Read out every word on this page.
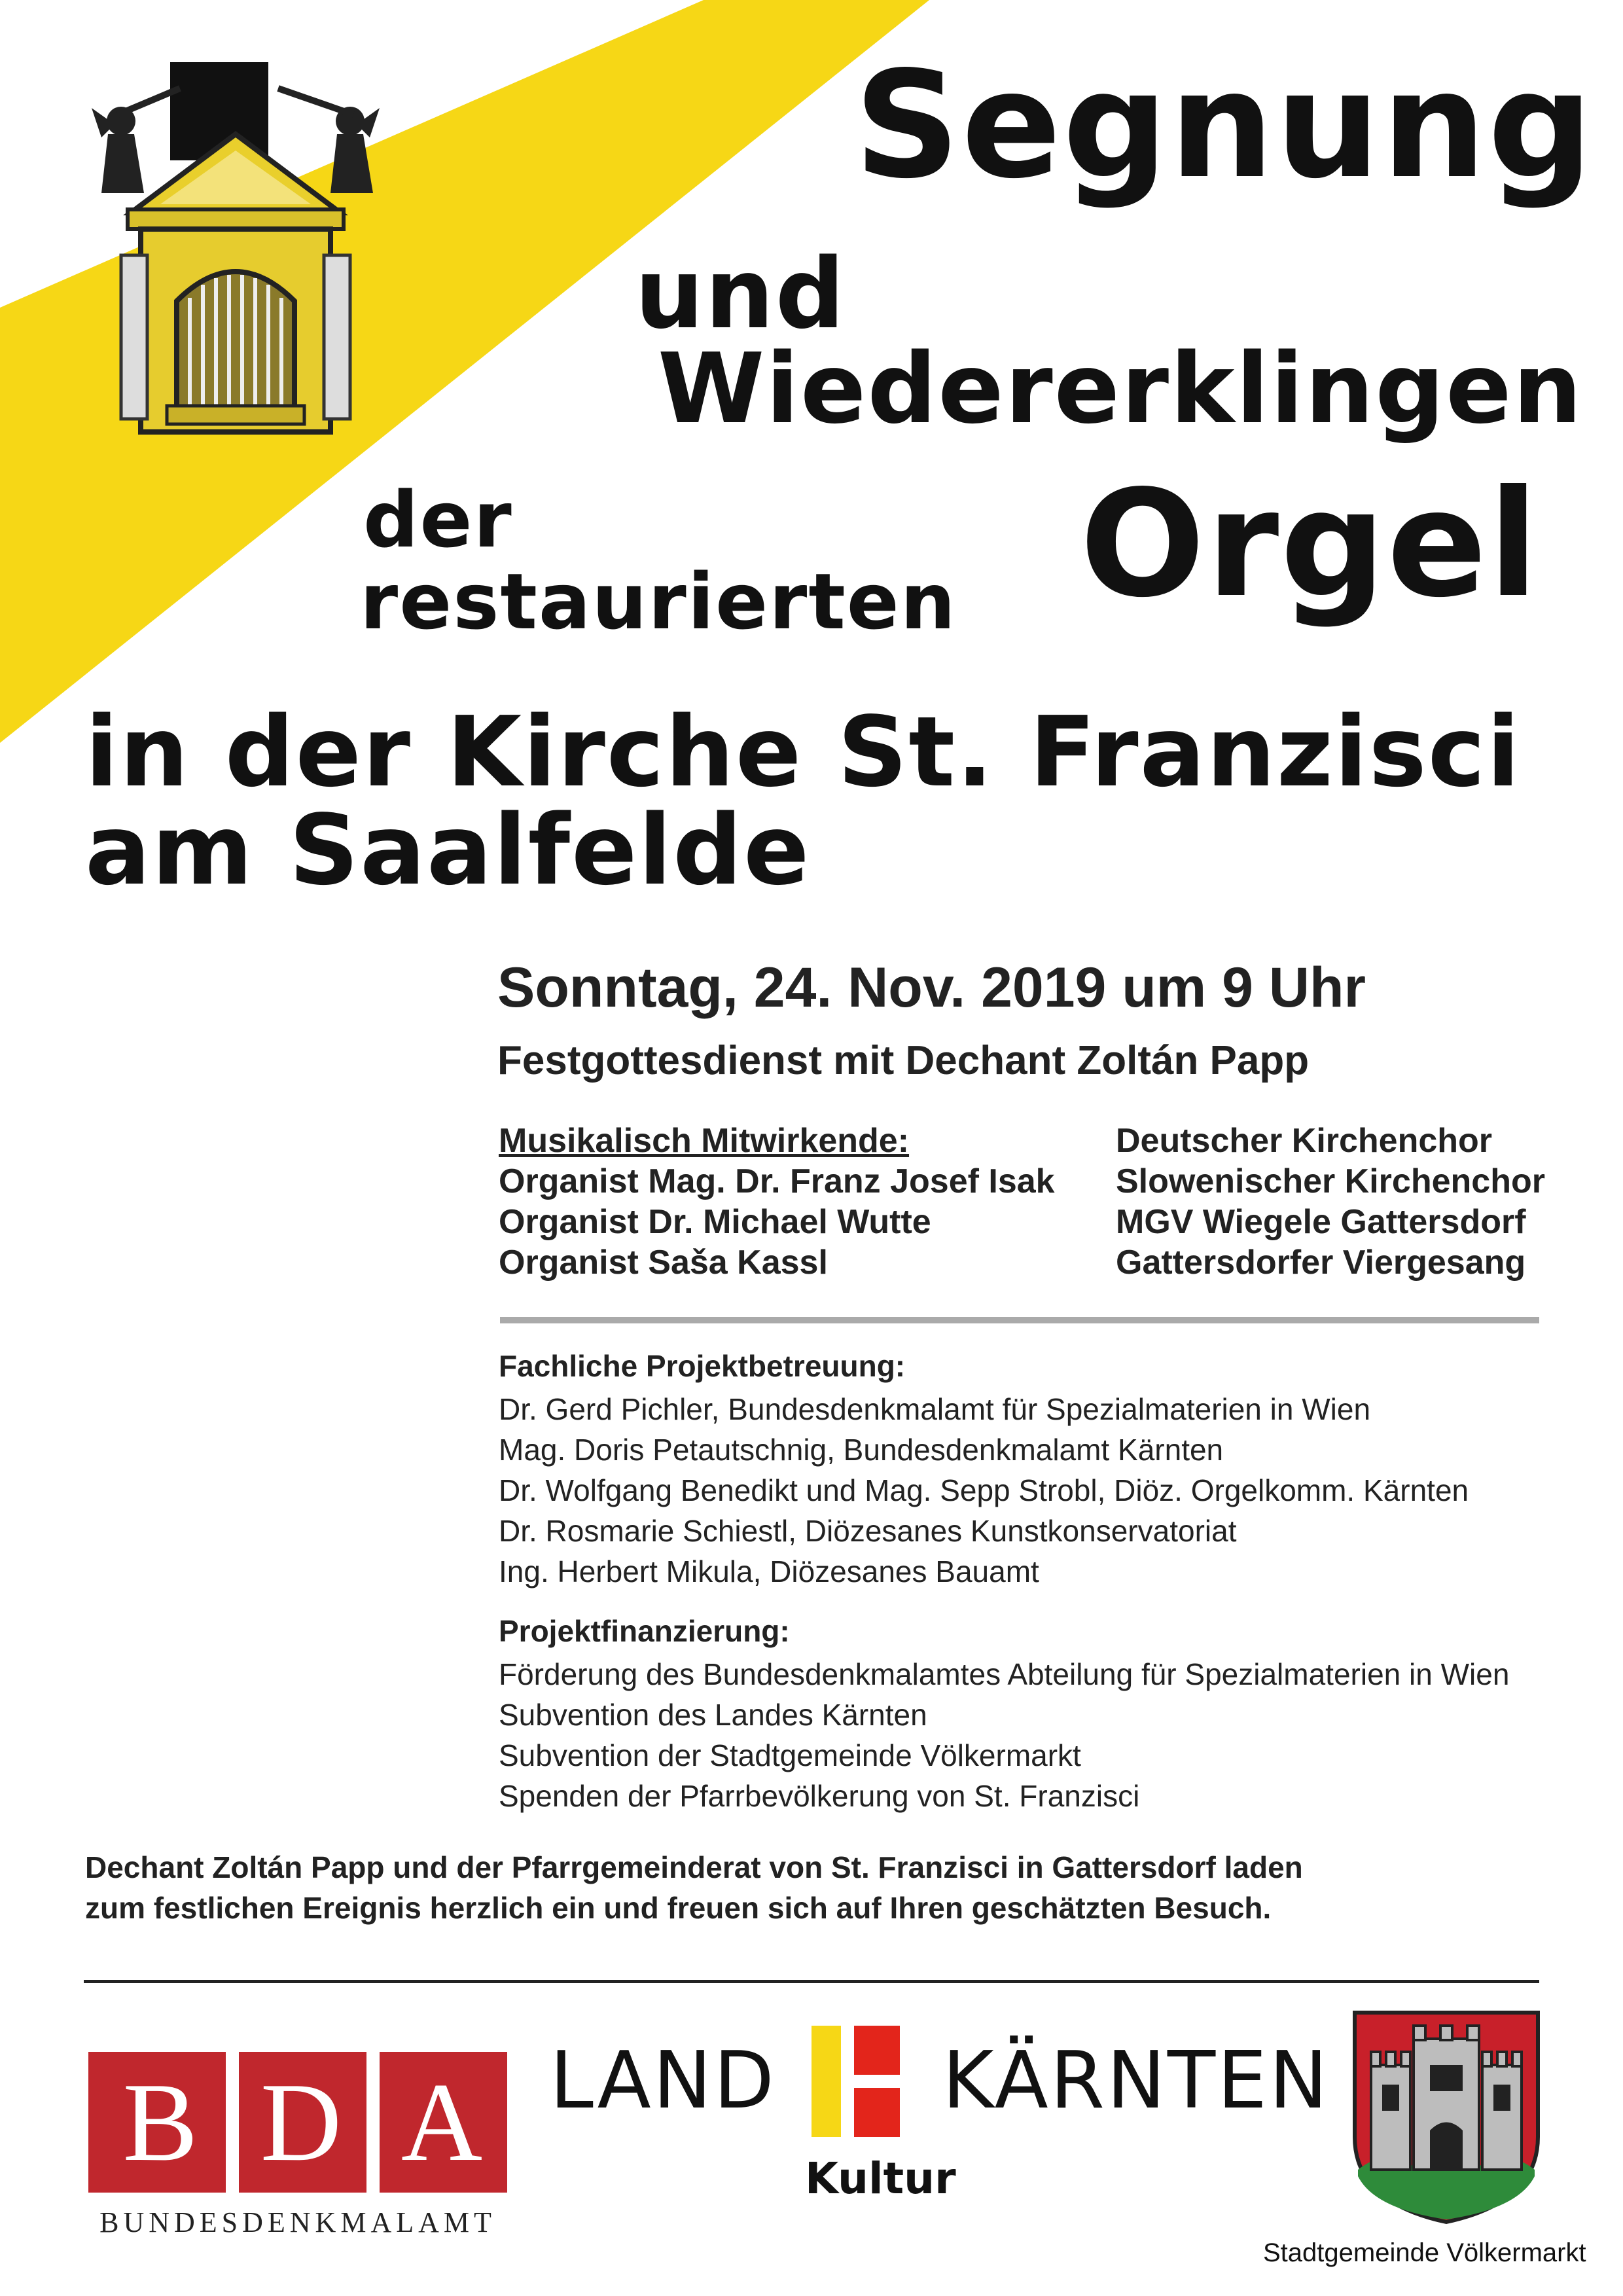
Segnung
und
Wiedererklingen
der
restaurierten Orgel
in der Kirche St. Franzisci
am Saalfelde
Sonntag, 24. Nov. 2019 um 9 Uhr
Festgottesdienst mit Dechant Zoltán Papp
Musikalisch Mitwirkende:
Organist Mag. Dr. Franz Josef Isak
Organist Dr. Michael Wutte
Organist Saša Kassl
Deutscher Kirchenchor
Slowenischer Kirchenchor
MGV Wiegele Gattersdorf
Gattersdorfer Viergesang
Fachliche Projektbetreuung:
Dr. Gerd Pichler, Bundesdenkmalamt für Spezialmaterien in Wien
Mag. Doris Petautschnig, Bundesdenkmalamt Kärnten
Dr. Wolfgang Benedikt und Mag. Sepp Strobl, Diöz. Orgelkomm. Kärnten
Dr. Rosmarie Schiestl, Diözesanes Kunstkonservatoriat
Ing. Herbert Mikula, Diözesanes Bauamt
Projektfinanzierung:
Förderung des Bundesdenkmalamtes Abteilung für Spezialmaterien in Wien
Subvention des Landes Kärnten
Subvention der Stadtgemeinde Völkermarkt
Spenden der Pfarrbevölkerung von St. Franzisci
Dechant Zoltán Papp und der Pfarrgemeinderat von St. Franzisci in Gattersdorf laden
zum festlichen Ereignis herzlich ein und freuen sich auf Ihren geschätzten Besuch.
B D A
BUNDESDENKMALAMT
LAND KÄRNTEN
Kultur
Stadtgemeinde Völkermarkt
